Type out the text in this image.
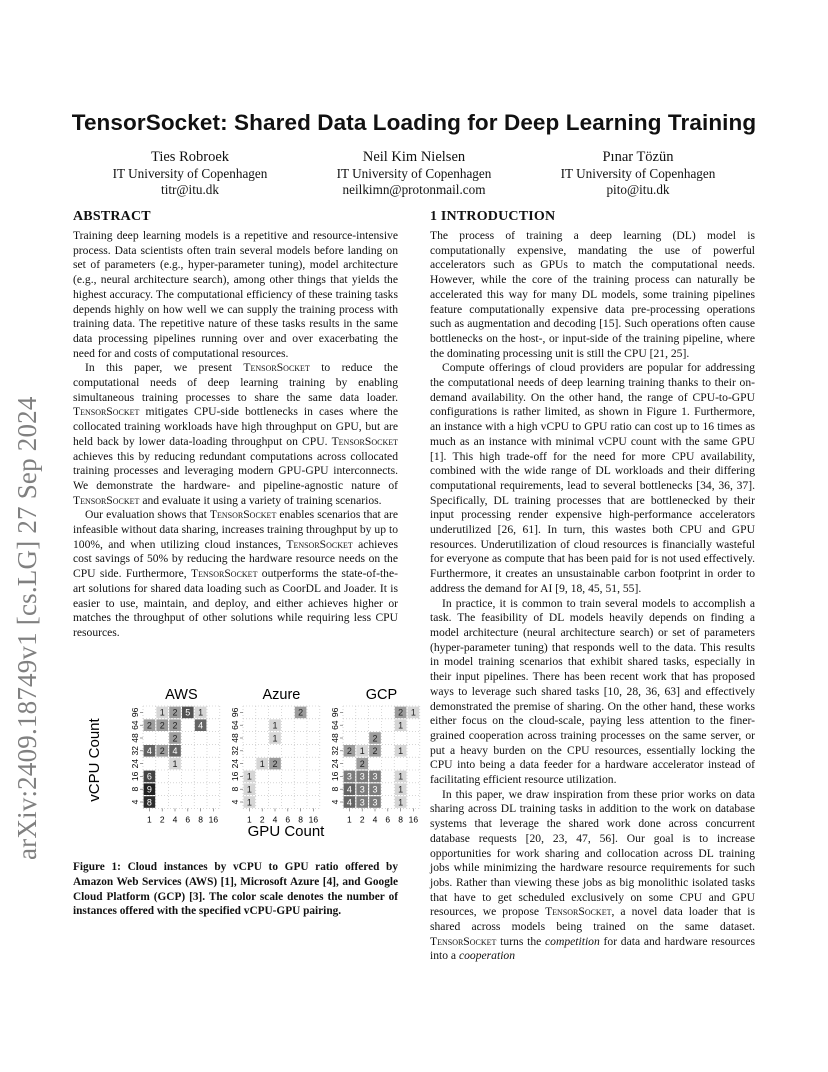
arXiv:2409.18749v1 [cs.LG] 27 Sep 2024
TensorSocket: Shared Data Loading for Deep Learning Training
Ties Robroek
IT University of Copenhagen
titr@itu.dk
Neil Kim Nielsen
IT University of Copenhagen
neilkimn@protonmail.com
Pınar Tözün
IT University of Copenhagen
pito@itu.dk
ABSTRACT

Training deep learning models is a repetitive and resource-intensive process. Data scientists often train several models before landing on set of parameters (e.g., hyper-parameter tuning), model architecture (e.g., neural architecture search), among other things that yields the highest accuracy. The computational efficiency of these training tasks depends highly on how well we can supply the training process with training data. The repetitive nature of these tasks results in the same data processing pipelines running over and over exacerbating the need for and costs of computational resources.

In this paper, we present TensorSocket to reduce the computational needs of deep learning training by enabling simultaneous training processes to share the same data loader. TensorSocket mitigates CPU-side bottlenecks in cases where the collocated training workloads have high throughput on GPU, but are held back by lower data-loading throughput on CPU. TensorSocket achieves this by reducing redundant computations across collocated training processes and leveraging modern GPU-GPU interconnects. We demonstrate the hardware- and pipeline-agnostic nature of TensorSocket and evaluate it using a variety of training scenarios.

Our evaluation shows that TensorSocket enables scenarios that are infeasible without data sharing, increases training throughput by up to 100%, and when utilizing cloud instances, TensorSocket achieves cost savings of 50% by reducing the hardware resource needs on the CPU side. Furthermore, TensorSocket outperforms the state-of-the-art solutions for shared data loading such as CoorDL and Joader. It is easier to use, maintain, and deploy, and either achieves higher or matches the throughput of other solutions while requiring less CPU resources.

vCPU Count
GPU Count
AWS
4
8
16
24
32
48
64
96
1 2 4 6 8 16
1 2 5 1
2 2 2 4
2
4 2 4
1
6
9
8
Azure
4
8
16
24
32
48
64
96
1 2 4 6 8 16
2
1
1
1 2
1
1
1
GCP
4
8
16
24
32
48
64
96
1 2 4 6 8 16
2 1
1
2
2 1 2 1
2
3 3 3 1
4 3 3 1
4 3 3 1
Figure 1: Cloud instances by vCPU to GPU ratio offered by Amazon Web Services (AWS) [1], Microsoft Azure [4], and Google Cloud Platform (GCP) [3]. The color scale denotes the number of instances offered with the specified vCPU-GPU pairing.
1 INTRODUCTION

The process of training a deep learning (DL) model is computationally expensive, mandating the use of powerful accelerators such as GPUs to match the computational needs. However, while the core of the training process can naturally be accelerated this way for many DL models, some training pipelines feature computationally expensive data pre-processing operations such as augmentation and decoding [15]. Such operations often cause bottlenecks on the host-, or input-side of the training pipeline, where the dominating processing unit is still the CPU [21, 25].

Compute offerings of cloud providers are popular for addressing the computational needs of deep learning training thanks to their on-demand availability. On the other hand, the range of CPU-to-GPU configurations is rather limited, as shown in Figure 1. Furthermore, an instance with a high vCPU to GPU ratio can cost up to 16 times as much as an instance with minimal vCPU count with the same GPU [1]. This high trade-off for the need for more CPU availability, combined with the wide range of DL workloads and their differing computational requirements, lead to several bottlenecks [34, 36, 37]. Specifically, DL training processes that are bottlenecked by their input processing render expensive high-performance accelerators underutilized [26, 61]. In turn, this wastes both CPU and GPU resources. Underutilization of cloud resources is financially wasteful for everyone as compute that has been paid for is not used effectively. Furthermore, it creates an unsustainable carbon footprint in order to address the demand for AI [9, 18, 45, 51, 55].

In practice, it is common to train several models to accomplish a task. The feasibility of DL models heavily depends on finding a model architecture (neural architecture search) or set of parameters (hyper-parameter tuning) that responds well to the data. This results in model training scenarios that exhibit shared tasks, especially in their input pipelines. There has been recent work that has proposed ways to leverage such shared tasks [10, 28, 36, 63] and effectively demonstrated the premise of sharing. On the other hand, these works either focus on the cloud-scale, paying less attention to the finer-grained cooperation across training processes on the same server, or put a heavy burden on the CPU resources, essentially locking the CPU into being a data feeder for a hardware accelerator instead of facilitating efficient resource utilization.

In this paper, we draw inspiration from these prior works on data sharing across DL training tasks in addition to the work on database systems that leverage the shared work done across concurrent database requests [20, 23, 47, 56]. Our goal is to increase opportunities for work sharing and collocation across DL training jobs while minimizing the hardware resource requirements for such jobs. Rather than viewing these jobs as big monolithic isolated tasks that have to get scheduled exclusively on some CPU and GPU resources, we propose TensorSocket, a novel data loader that is shared across models being trained on the same dataset. TensorSocket turns the competition for data and hardware resources into a cooperation
